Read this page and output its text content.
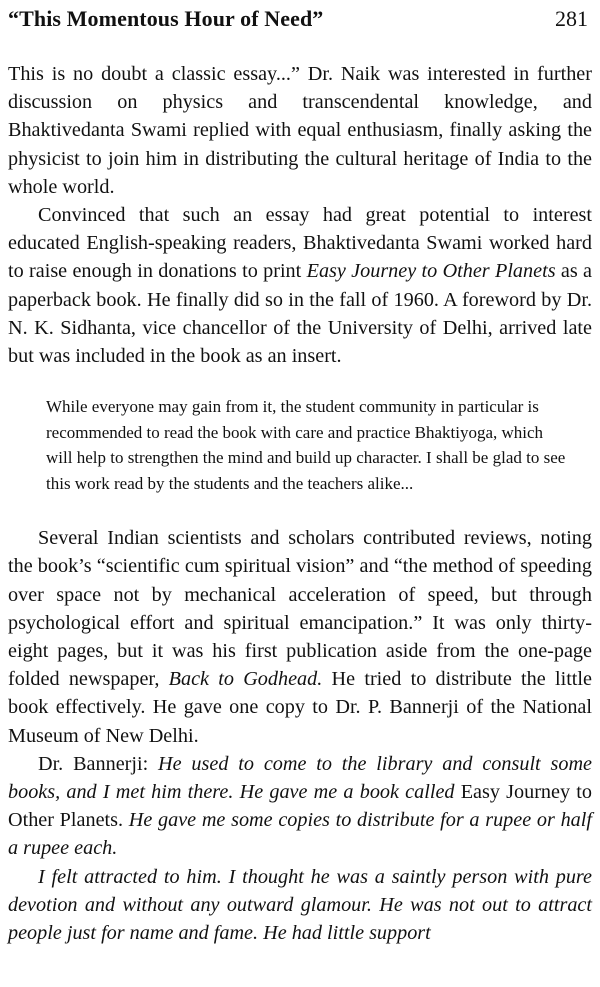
“This Momentous Hour of Need”	281

This is no doubt a classic essay...” Dr. Naik was interested in further discussion on physics and transcendental knowledge, and Bhaktivedanta Swami replied with equal enthusiasm, finally asking the physicist to join him in distributing the cultural heritage of India to the whole world.

Convinced that such an essay had great potential to interest educated English-speaking readers, Bhaktivedanta Swami worked hard to raise enough in donations to print Easy Journey to Other Planets as a paperback book. He finally did so in the fall of 1960. A foreword by Dr. N. K. Sidhanta, vice chancellor of the University of Delhi, arrived late but was included in the book as an insert.

While everyone may gain from it, the student community in particular is recommended to read the book with care and practice Bhaktiyoga, which will help to strengthen the mind and build up character. I shall be glad to see this work read by the students and the teachers alike...

Several Indian scientists and scholars contributed reviews, noting the book’s “scientific cum spiritual vision” and “the method of speeding over space not by mechanical acceleration of speed, but through psychological effort and spiritual emancipation.” It was only thirty-eight pages, but it was his first publication aside from the one-page folded newspaper, Back to Godhead. He tried to distribute the little book effectively. He gave one copy to Dr. P. Bannerji of the National Museum of New Delhi.

Dr. Bannerji: He used to come to the library and consult some books, and I met him there. He gave me a book called Easy Journey to Other Planets. He gave me some copies to distribute for a rupee or half a rupee each.

I felt attracted to him. I thought he was a saintly person with pure devotion and without any outward glamour. He was not out to attract people just for name and fame. He had little support
